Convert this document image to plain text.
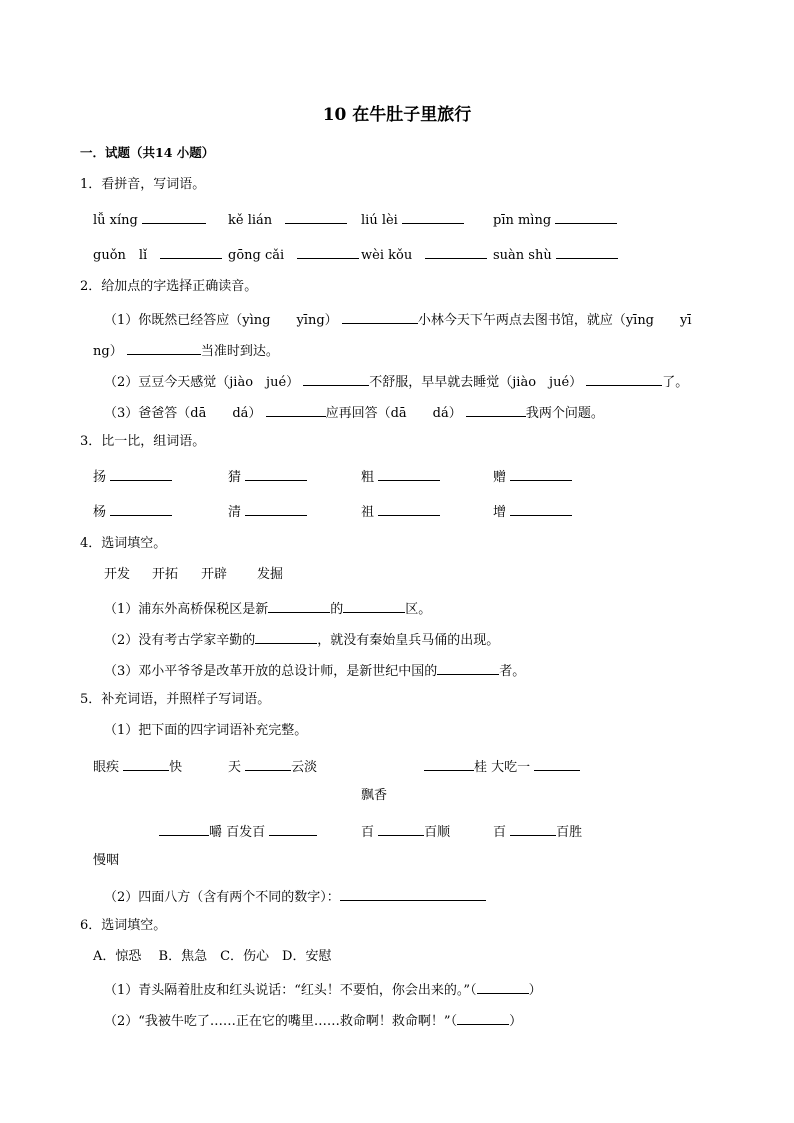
10 在牛肚子里旅行
一．试题（共14 小题）
1．看拼音，写词语。
lǚ xíng	kě lián　	liú lèi	pīn mìng
guǒn　lǐ　	gōng cǎi　	wèi kǒu　	suàn shù
2．给加点的字选择正确读音。
（1）你既然已经答应（yìng　　yīng）	小林今天下午两点去图书馆，就应（yīng　　yī
ng）	当准时到达。
（2）豆豆今天感觉（jiào　jué）	不舒服，早早就去睡觉（jiào　jué）	了。
（3）爸爸答（dā　　dá）	应再回答（dā　　dá）	我两个问题。
3．比一比，组词语。
扬	猜	粗	赠
杨	清	祖	增
4．选词填空。
开发 开拓 开辟 发掘
（1）浦东外高桥保税区是新	的	区。
（2）没有考古学家辛勤的	，就没有秦始皇兵马俑的出现。
（3）邓小平爷爷是改革开放的总设计师，是新世纪中国的	者。
5．补充词语，并照样子写词语。
（1）把下面的四字词语补充完整。
眼疾	快	天	云淡	桂 大吃一
飘香
嚼 百发百	百	百顺	百	百胜
慢咽
（2）四面八方（含有两个不同的数字）：
6．选词填空。
A．惊恐　 B．焦急　C．伤心　D．安慰
（1）青头隔着肚皮和红头说话：“红头！不要怕，你会出来的。”（	）
（2）“我被牛吃了……正在它的嘴里……救命啊！救命啊！”（	）
